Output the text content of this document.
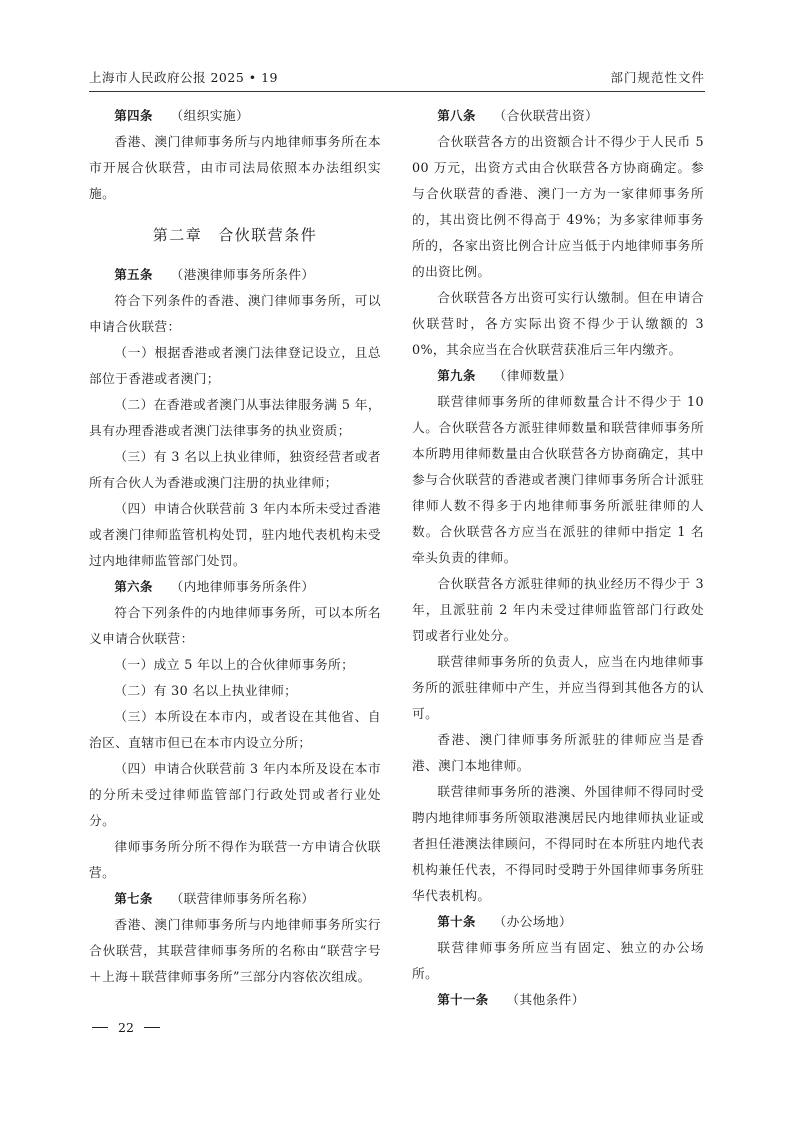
上海市人民政府公报 2025 • 19	部门规范性文件

第四条 （组织实施）

香港、澳门律师事务所与内地律师事务所在本市开展合伙联营，由市司法局依照本办法组织实施。

第二章 合伙联营条件

第五条 （港澳律师事务所条件）

符合下列条件的香港、澳门律师事务所，可以申请合伙联营：

（一）根据香港或者澳门法律登记设立，且总部位于香港或者澳门；

（二）在香港或者澳门从事法律服务满 5 年，具有办理香港或者澳门法律事务的执业资质；

（三）有 3 名以上执业律师，独资经营者或者所有合伙人为香港或澳门注册的执业律师；

（四）申请合伙联营前 3 年内本所未受过香港或者澳门律师监管机构处罚，驻内地代表机构未受过内地律师监管部门处罚。

第六条 （内地律师事务所条件）

符合下列条件的内地律师事务所，可以本所名义申请合伙联营：

（一）成立 5 年以上的合伙律师事务所；

（二）有 30 名以上执业律师；

（三）本所设在本市内，或者设在其他省、自治区、直辖市但已在本市内设立分所；

（四）申请合伙联营前 3 年内本所及设在本市的分所未受过律师监管部门行政处罚或者行业处分。

律师事务所分所不得作为联营一方申请合伙联营。

第七条 （联营律师事务所名称）

香港、澳门律师事务所与内地律师事务所实行合伙联营，其联营律师事务所的名称由“联营字号＋上海＋联营律师事务所”三部分内容依次组成。

第八条 （合伙联营出资）

合伙联营各方的出资额合计不得少于人民币 500 万元，出资方式由合伙联营各方协商确定。参与合伙联营的香港、澳门一方为一家律师事务所的，其出资比例不得高于 49%；为多家律师事务所的，各家出资比例合计应当低于内地律师事务所的出资比例。

合伙联营各方出资可实行认缴制。但在申请合伙联营时，各方实际出资不得少于认缴额的 30%，其余应当在合伙联营获准后三年内缴齐。

第九条 （律师数量）

联营律师事务所的律师数量合计不得少于 10 人。合伙联营各方派驻律师数量和联营律师事务所本所聘用律师数量由合伙联营各方协商确定，其中参与合伙联营的香港或者澳门律师事务所合计派驻律师人数不得多于内地律师事务所派驻律师的人数。合伙联营各方应当在派驻的律师中指定 1 名牵头负责的律师。

合伙联营各方派驻律师的执业经历不得少于 3 年，且派驻前 2 年内未受过律师监管部门行政处罚或者行业处分。

联营律师事务所的负责人，应当在内地律师事务所的派驻律师中产生，并应当得到其他各方的认可。

香港、澳门律师事务所派驻的律师应当是香港、澳门本地律师。

联营律师事务所的港澳、外国律师不得同时受聘内地律师事务所领取港澳居民内地律师执业证或者担任港澳法律顾问，不得同时在本所驻内地代表机构兼任代表，不得同时受聘于外国律师事务所驻华代表机构。

第十条 （办公场地）

联营律师事务所应当有固定、独立的办公场所。

第十一条 （其他条件）

22
